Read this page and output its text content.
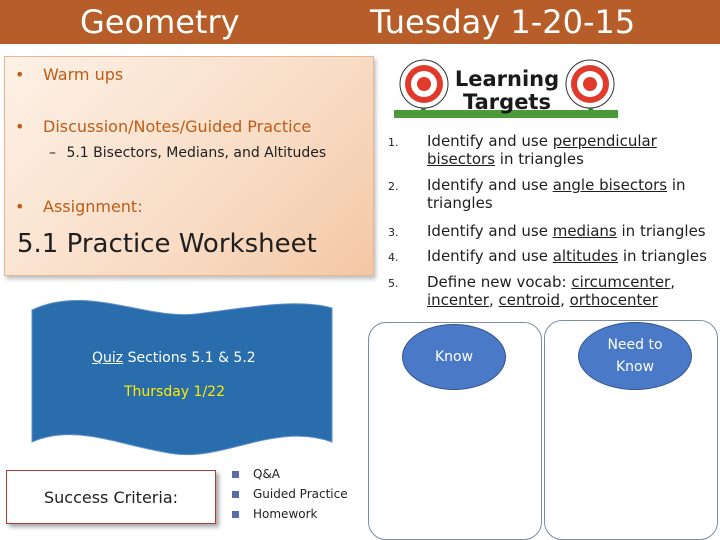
Geometry	Tuesday 1-20-15
• Warm ups
• Discussion/Notes/Guided Practice
– 5.1 Bisectors, Medians, and Altitudes
• Assignment:
5.1 Practice Worksheet
Quiz Sections 5.1 & 5.2
Thursday 1/22
Success Criteria:
Q&A
Guided Practice
Homework
Learning
Targets
1. Identify and use perpendicular bisectors in triangles
2. Identify and use angle bisectors in triangles
3. Identify and use medians in triangles
4. Identify and use altitudes in triangles
5. Define new vocab: circumcenter, incenter, centroid, orthocenter
Know
Need to
Know
